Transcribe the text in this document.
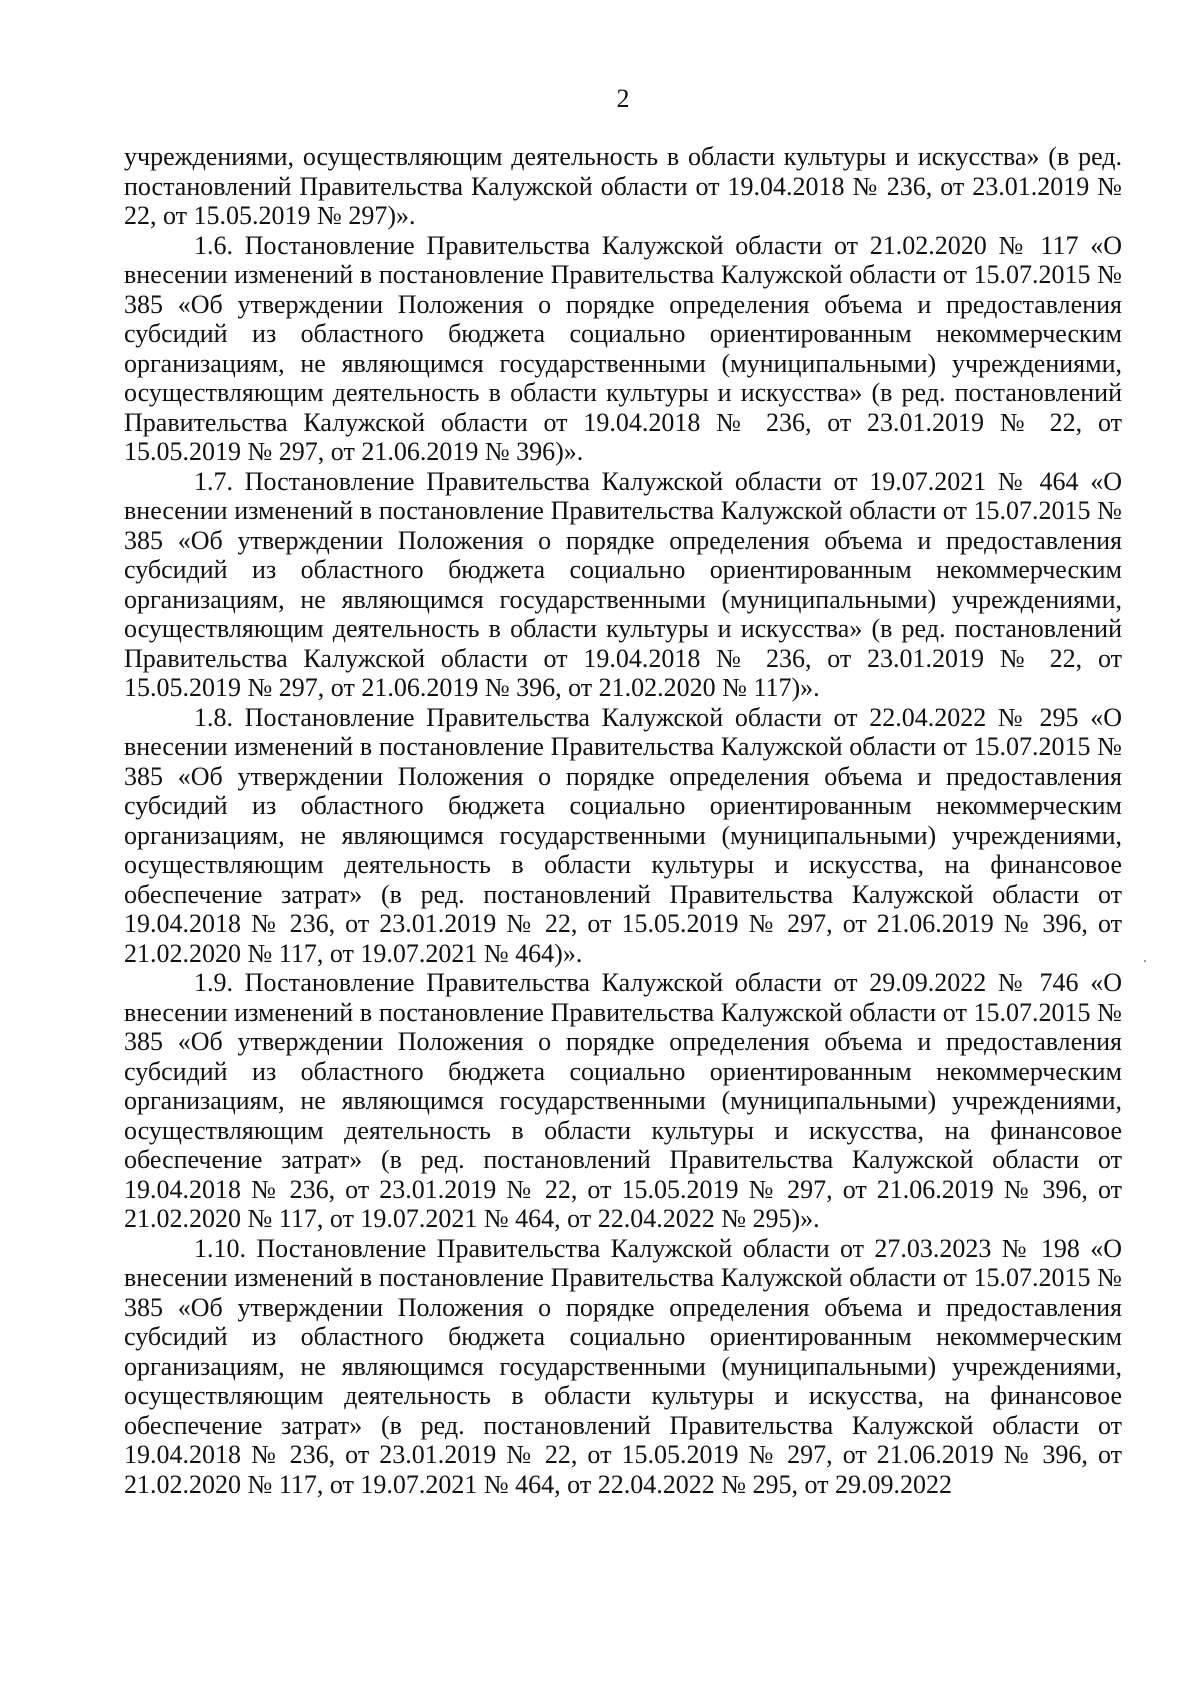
2

учреждениями, осуществляющим деятельность в области культуры и искусства» (в ред. постановлений Правительства Калужской области от 19.04.2018 № 236, от 23.01.2019 № 22, от 15.05.2019 № 297)».

1.6. Постановление Правительства Калужской области от 21.02.2020 № 117 «О внесении изменений в постановление Правительства Калужской области от 15.07.2015 № 385 «Об утверждении Положения о порядке определения объема и предоставления субсидий из областного бюджета социально ориентированным некоммерческим организациям, не являющимся государственными (муниципальными) учреждениями, осуществляющим деятельность в области культуры и искусства» (в ред. постановлений Правительства Калужской области от 19.04.2018 № 236, от 23.01.2019 № 22, от 15.05.2019 № 297, от 21.06.2019 № 396)».

1.7. Постановление Правительства Калужской области от 19.07.2021 № 464 «О внесении изменений в постановление Правительства Калужской области от 15.07.2015 № 385 «Об утверждении Положения о порядке определения объема и предоставления субсидий из областного бюджета социально ориентированным некоммерческим организациям, не являющимся государственными (муниципальными) учреждениями, осуществляющим деятельность в области культуры и искусства» (в ред. постановлений Правительства Калужской области от 19.04.2018 № 236, от 23.01.2019 № 22, от 15.05.2019 № 297, от 21.06.2019 № 396, от 21.02.2020 № 117)».

1.8. Постановление Правительства Калужской области от 22.04.2022 № 295 «О внесении изменений в постановление Правительства Калужской области от 15.07.2015 № 385 «Об утверждении Положения о порядке определения объема и предоставления субсидий из областного бюджета социально ориентированным некоммерческим организациям, не являющимся государственными (муниципальными) учреждениями, осуществляющим деятельность в области культуры и искусства, на финансовое обеспечение затрат» (в ред. постановлений Правительства Калужской области от 19.04.2018 № 236, от 23.01.2019 № 22, от 15.05.2019 № 297, от 21.06.2019 № 396, от 21.02.2020 № 117, от 19.07.2021 № 464)».

1.9. Постановление Правительства Калужской области от 29.09.2022 № 746 «О внесении изменений в постановление Правительства Калужской области от 15.07.2015 № 385 «Об утверждении Положения о порядке определения объема и предоставления субсидий из областного бюджета социально ориентированным некоммерческим организациям, не являющимся государственными (муниципальными) учреждениями, осуществляющим деятельность в области культуры и искусства, на финансовое обеспечение затрат» (в ред. постановлений Правительства Калужской области от 19.04.2018 № 236, от 23.01.2019 № 22, от 15.05.2019 № 297, от 21.06.2019 № 396, от 21.02.2020 № 117, от 19.07.2021 № 464, от 22.04.2022 № 295)».

1.10. Постановление Правительства Калужской области от 27.03.2023 № 198 «О внесении изменений в постановление Правительства Калужской области от 15.07.2015 № 385 «Об утверждении Положения о порядке определения объема и предоставления субсидий из областного бюджета социально ориентированным некоммерческим организациям, не являющимся государственными (муниципальными) учреждениями, осуществляющим деятельность в области культуры и искусства, на финансовое обеспечение затрат» (в ред. постановлений Правительства Калужской области от 19.04.2018 № 236, от 23.01.2019 № 22, от 15.05.2019 № 297, от 21.06.2019 № 396, от 21.02.2020 № 117, от 19.07.2021 № 464, от 22.04.2022 № 295, от 29.09.2022
